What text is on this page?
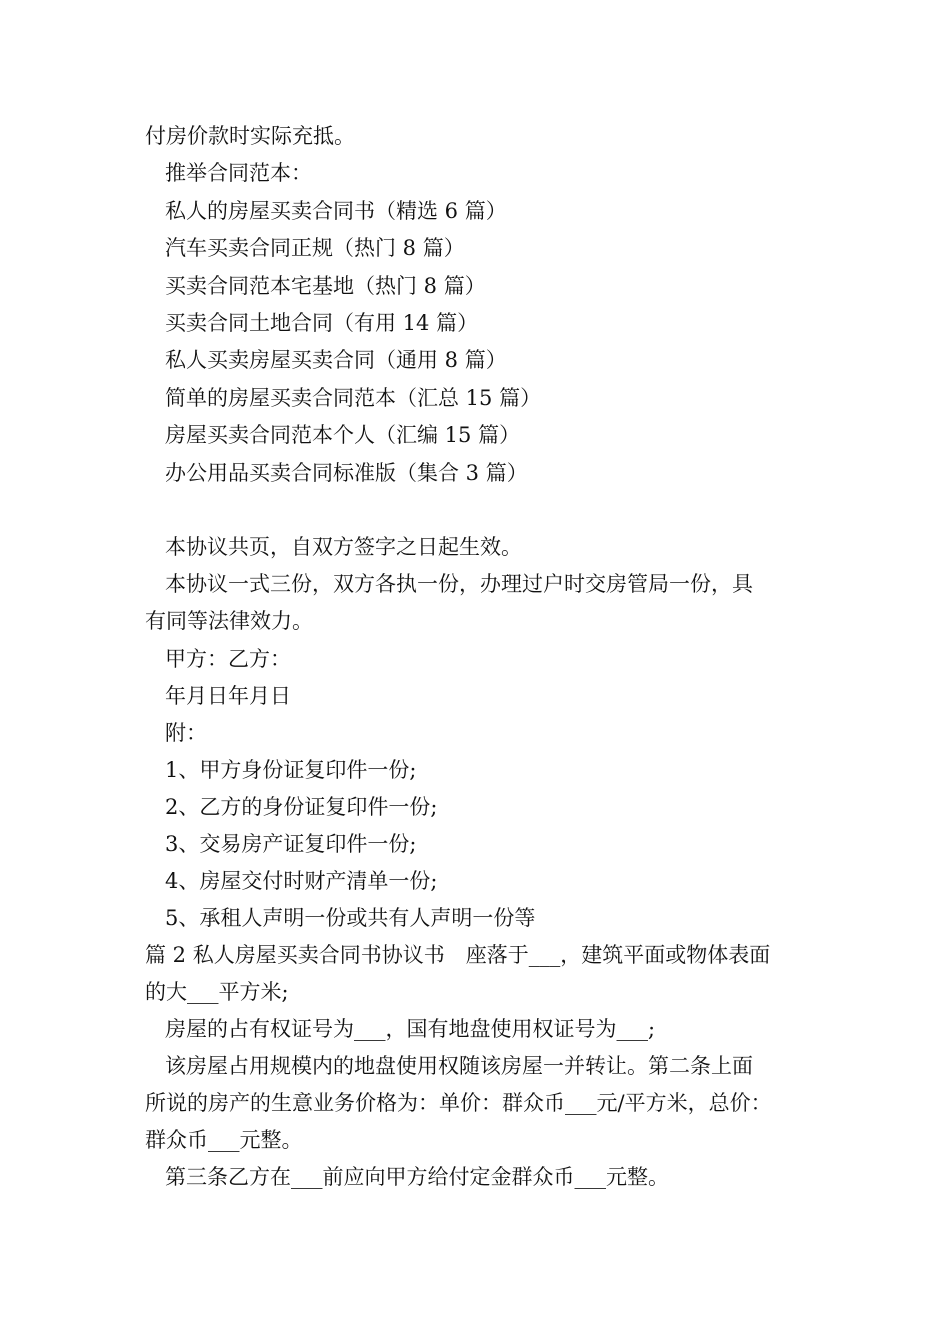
付房价款时实际充抵。
推举合同范本：
私人的房屋买卖合同书（精选 6 篇）
汽车买卖合同正规（热门 8 篇）
买卖合同范本宅基地（热门 8 篇）
买卖合同土地合同（有用 14 篇）
私人买卖房屋买卖合同（通用 8 篇）
简单的房屋买卖合同范本（汇总 15 篇）
房屋买卖合同范本个人（汇编 15 篇）
办公用品买卖合同标准版（集合 3 篇）
本协议共页，自双方签字之日起生效。
本协议一式三份，双方各执一份，办理过户时交房管局一份，具
有同等法律效力。
甲方：乙方：
年月日年月日
附：
1、甲方身份证复印件一份;
2、乙方的身份证复印件一份;
3、交易房产证复印件一份;
4、房屋交付时财产清单一份;
5、承租人声明一份或共有人声明一份等
篇 2 私人房屋买卖合同书协议书　座落于___，建筑平面或物体表面
的大___平方米;
房屋的占有权证号为___，国有地盘使用权证号为___;
该房屋占用规模内的地盘使用权随该房屋一并转让。第二条上面
所说的房产的生意业务价格为：单价：群众币___元/平方米，总价：
群众币___元整。
第三条乙方在___前应向甲方给付定金群众币___元整。
